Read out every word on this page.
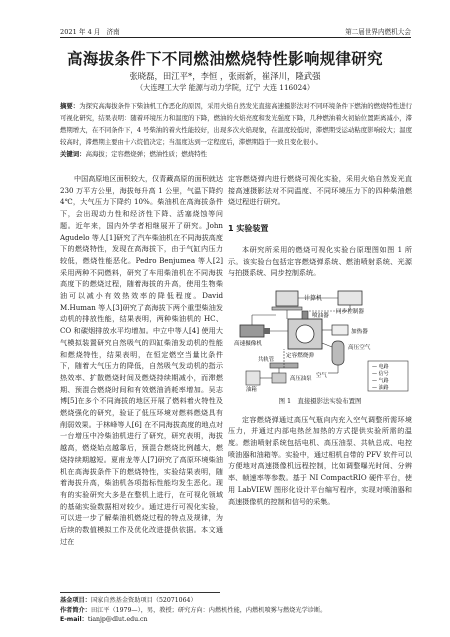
2021 年 4 月 济南	第二届世界内燃机大会
高海拔条件下不同燃油燃烧特性影响规律研究
张晓磊，田江平*，李恒 ，张雨新，崔泽川，隆武强
（大连理工大学 能源与动力学院，辽宁 大连 116024）
摘要：为探究高海拔条件下柴油机工作恶化的原因，采用火焰自然发光直接高速摄影法对不同环境条件下燃油的燃烧特性进行可视化研究，结果表明：随着环境压力和温度的下降，燃油的火焰亮度和发光强度下降，几种燃油着火初始位置距离减小，滞燃期增大，在不同条件下，4 号柴油的着火性能较好，出现多次火焰现象，在温度较低时，滞燃期受运动粘度影响较大；温度较高时，滞燃期主要由十六烷值决定；当温度达到一定程度后，滞燃期趋于一致且变化很小。
关键词：高海拔；定容燃烧弹；燃油性质；燃烧特性

中国高原地区面积较大，仅青藏高原的面积就达 230 万平方公里，海拔每升高 1 公里，气温下降约 4℃，大气压力下降约 10%。柴油机在高海拔条件下，会出现动力性和经济性下降、活塞烧蚀等问题。近年来，国内外学者相继展开了研究。John Agudelo 等人[1]研究了汽车柴油机在不同海拔高度下的燃烧特性，发现在高海拔下，由于气缸内压力较低，燃烧性能恶化。Pedro Benjumea 等人[2]采用两种不同燃料，研究了车用柴油机在不同海拔高度下的燃烧过程，随着海拔的升高，使用生物柴油可以减小有效热效率的降低程度。David M.Human 等人[3]研究了高海拔下两个重型柴油发动机的排放性能，结果表明，两种柴油机的 HC、CO 和碳烟排放水平均增加。中立中等人[4] 使用大气模拟装置研究自然吸气的四缸柴油发动机的性能和燃烧特性，结果表明，在恒定燃空当量比条件下，随着大气压力的降低，自然吸气发动机的指示热效率、扩散燃烧时间及燃烧持续期减小，而滞燃期、预混合燃烧时间和有效燃油消耗率增加。吴志博[5]在多个不同海拔的地区开展了燃料着火特性及燃烧强化的研究，验证了低压环境对燃料燃烧具有削弱效果。于林峰等人[6] 在不同海拔高度的地点对一台增压中冷柴油机进行了研究，研究表明，海拔越高，燃烧始点越靠后，预混合燃烧比例越大，燃烧持续期越短。夏甫龙等人[7]研究了高原环境柴油机在高海拔条件下的燃烧特性，实验结果表明，随着海拔升高，柴油机各项指标性能均发生恶化。现有的实验研究大多是在整机上进行，在可视化领域的基础实验数据相对较少。通过进行可视化实验，可以进一步了解柴油机燃烧过程的特点及规律，为后续的数值模拟工作及优化改进提供依据。本文通过在

定容燃烧弹内进行燃烧可视化实验，采用火焰自然发光直接高速摄影法对不同温度、不同环境压力下的四种柴油燃烧过程进行研究。

1 实验装置

本研究所采用的燃烧可视化实验台原理图如图 1 所示。该实验台包括定容燃烧弹系统、燃油喷射系统、光源与拍摄系统、同步控制系统。

计算机
同步控制器
高速摄像机
定容燃烧弹
喷油器
加热器
高压空气
共轨管
高压油泵
油箱
空气
— 电路
— 信号
— 气路
— 油路
图 1　直接摄影法实验布置图

定容燃烧弹通过高压气瓶向内充入空气调整所需环境压力，并通过内部电热丝加热的方式提供实验所需的温度。燃油喷射系统包括电机、高压油泵、共轨总成、电控喷油器和油箱等。实验中，通过相机自带的 PFV 软件可以方便地对高速摄像机远程控制，比如调整曝光时间、分辨率、帧速率等参数。基于 NI CompactRIO 硬件平台，使用 LabVIEW 图形化设计平台编写程序，实现对喷油器和高速摄像机的控制和信号的采集。

基金项目：国家自然基金资助项目（52071064）
作者简介：田江平（1979—），男，教授；研究方向：内燃机性能，内燃机喷雾与燃烧光学诊断。
E-mail：tianjp@dlut.edu.cn
